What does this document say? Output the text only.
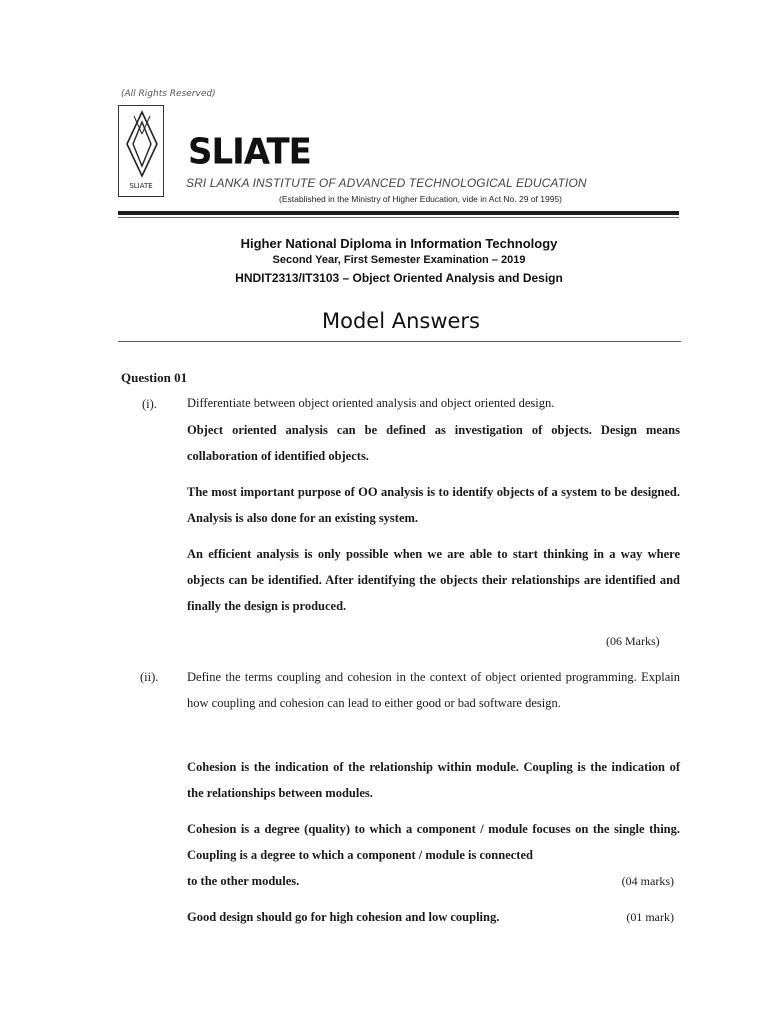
(All Rights Reserved)
SLIATE
SLIATE
SRI LANKA INSTITUTE OF ADVANCED TECHNOLOGICAL EDUCATION
(Established in the Ministry of Higher Education, vide in Act No. 29 of 1995)
Higher National Diploma in Information Technology
Second Year, First Semester Examination – 2019
HNDIT2313/IT3103 – Object Oriented Analysis and Design
Model Answers
Question 01
(i). Differentiate between object oriented analysis and object oriented design.
Object oriented analysis can be defined as investigation of objects. Design means collaboration of identified objects.
The most important purpose of OO analysis is to identify objects of a system to be designed. Analysis is also done for an existing system.
An efficient analysis is only possible when we are able to start thinking in a way where objects can be identified. After identifying the objects their relationships are identified and finally the design is produced.
(06 Marks)
(ii). Define the terms coupling and cohesion in the context of object oriented programming. Explain how coupling and cohesion can lead to either good or bad software design.
Cohesion is the indication of the relationship within module. Coupling is the indication of the relationships between modules.
Cohesion is a degree (quality) to which a component / module focuses on the single thing. Coupling is a degree to which a component / module is connected
to the other modules.	(04 marks)
Good design should go for high cohesion and low coupling.	(01 mark)
